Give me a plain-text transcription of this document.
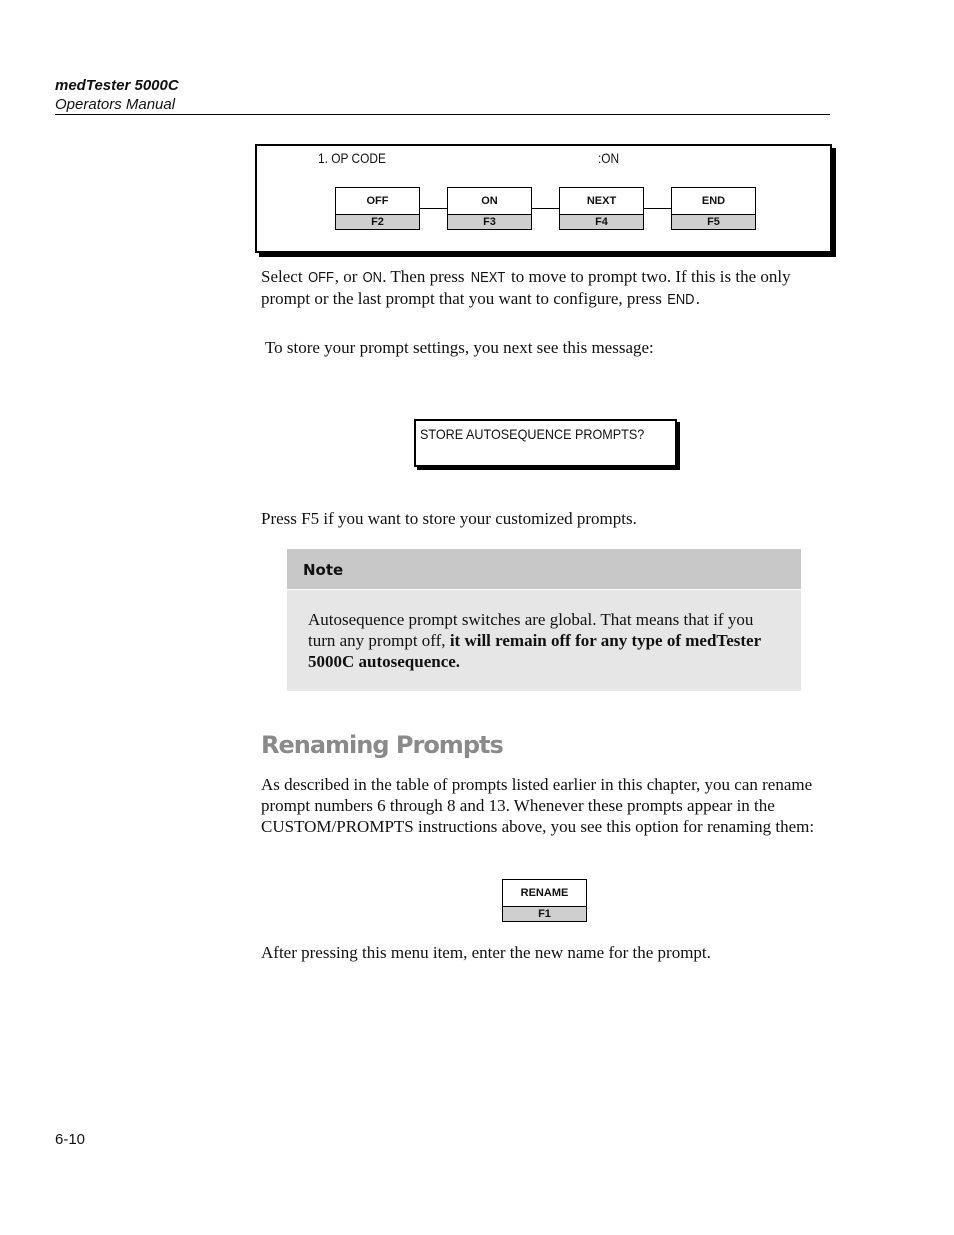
medTester 5000C
Operators Manual
1. OP CODE	:ON
OFF
F2
ON
F3
NEXT
F4
END
F5
Select OFF, or ON. Then press NEXT to move to prompt two. If this is the only prompt or the last prompt that you want to configure, press END.
To store your prompt settings, you next see this message:
STORE AUTOSEQUENCE PROMPTS?
Press F5 if you want to store your customized prompts.
Note
Autosequence prompt switches are global. That means that if you turn any prompt off, it will remain off for any type of medTester 5000C autosequence.
Renaming Prompts
As described in the table of prompts listed earlier in this chapter, you can rename prompt numbers 6 through 8 and 13. Whenever these prompts appear in the CUSTOM/PROMPTS instructions above, you see this option for renaming them:
RENAME
F1
After pressing this menu item, enter the new name for the prompt.
6-10
